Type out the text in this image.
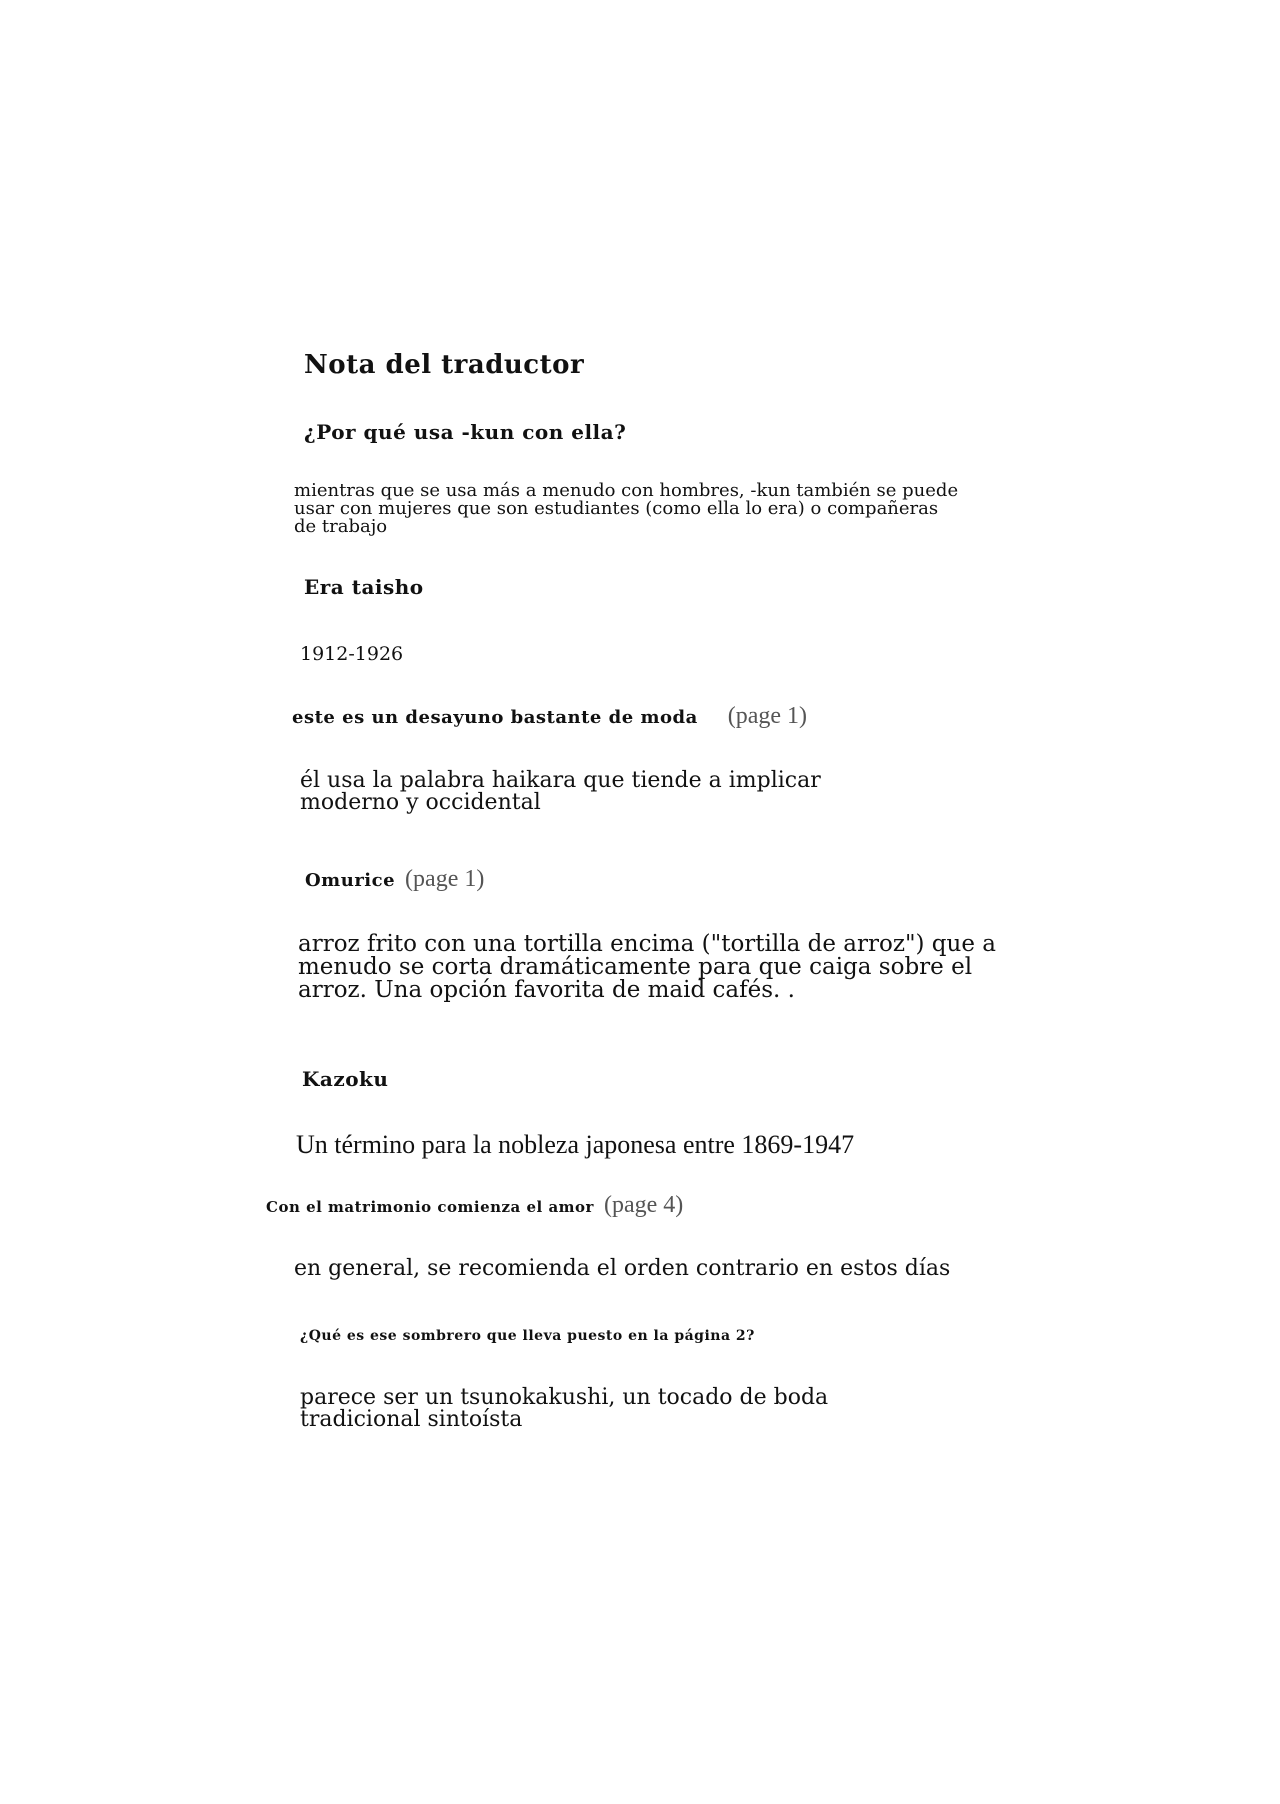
Nota del traductor
¿Por qué usa -kun con ella?
mientras que se usa más a menudo con hombres, -kun también se puede
usar con mujeres que son estudiantes (como ella lo era) o compañeras
de trabajo
Era taisho
1912-1926
este es un desayuno bastante de moda (page 1)
él usa la palabra haikara que tiende a implicar
moderno y occidental
Omurice (page 1)
arroz frito con una tortilla encima ("tortilla de arroz") que a
menudo se corta dramáticamente para que caiga sobre el
arroz. Una opción favorita de maid cafés. .
Kazoku
Un término para la nobleza japonesa entre 1869-1947
Con el matrimonio comienza el amor (page 4)
en general, se recomienda el orden contrario en estos días
¿Qué es ese sombrero que lleva puesto en la página 2?
parece ser un tsunokakushi, un tocado de boda
tradicional sintoísta
